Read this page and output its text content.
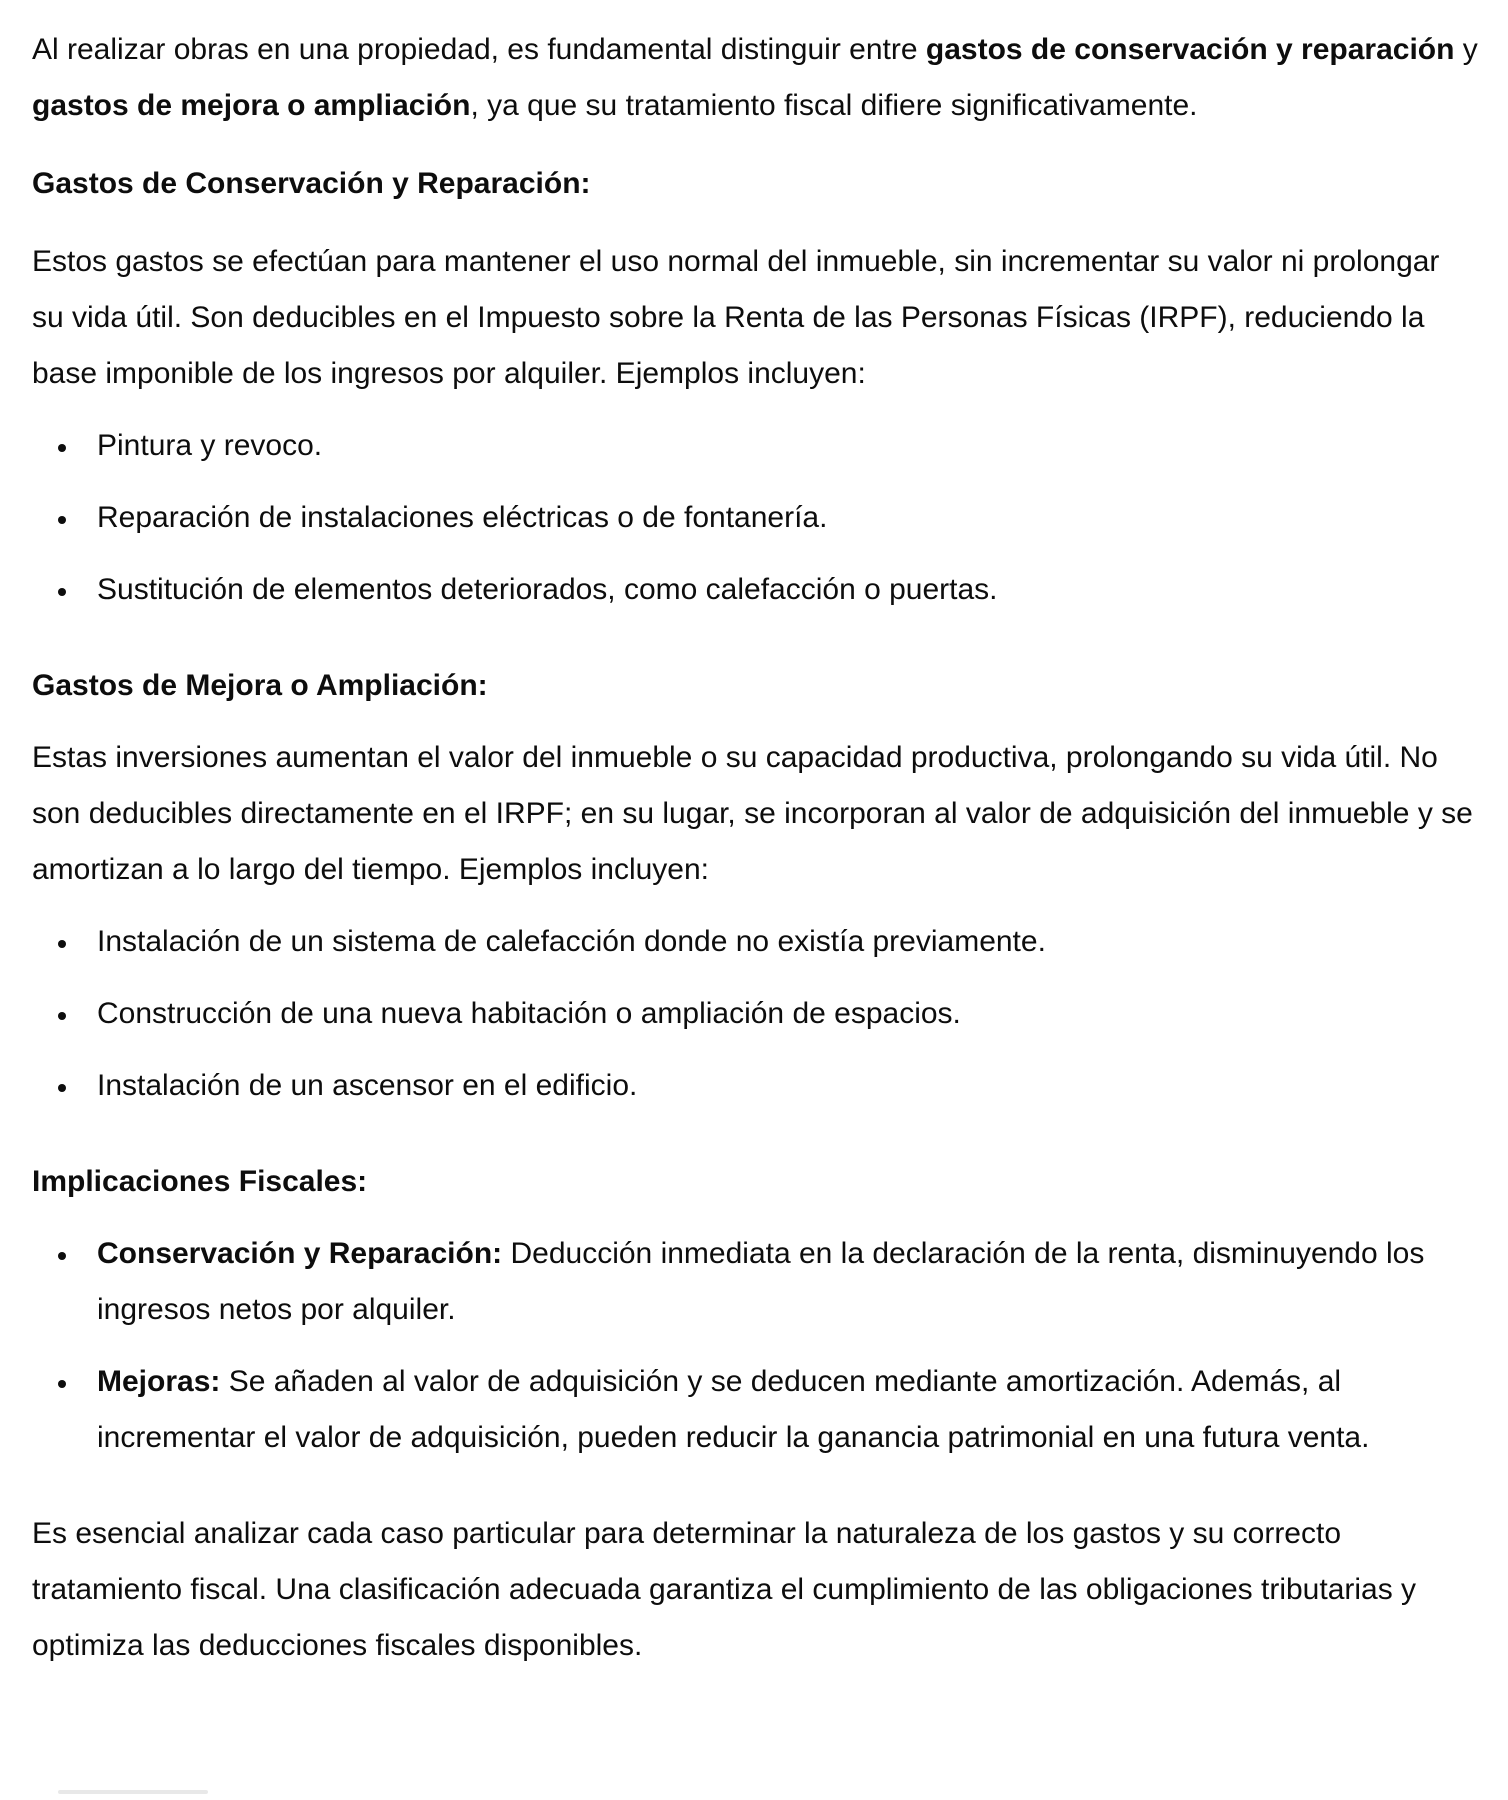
Al realizar obras en una propiedad, es fundamental distinguir entre gastos de conservación y reparación y gastos de mejora o ampliación, ya que su tratamiento fiscal difiere significativamente.

Gastos de Conservación y Reparación:

Estos gastos se efectúan para mantener el uso normal del inmueble, sin incrementar su valor ni prolongar su vida útil. Son deducibles en el Impuesto sobre la Renta de las Personas Físicas (IRPF), reduciendo la base imponible de los ingresos por alquiler. Ejemplos incluyen:

Pintura y revoco.
Reparación de instalaciones eléctricas o de fontanería.
Sustitución de elementos deteriorados, como calefacción o puertas.
Gastos de Mejora o Ampliación:

Estas inversiones aumentan el valor del inmueble o su capacidad productiva, prolongando su vida útil. No son deducibles directamente en el IRPF; en su lugar, se incorporan al valor de adquisición del inmueble y se amortizan a lo largo del tiempo. Ejemplos incluyen:

Instalación de un sistema de calefacción donde no existía previamente.
Construcción de una nueva habitación o ampliación de espacios.
Instalación de un ascensor en el edificio.
Implicaciones Fiscales:
Conservación y Reparación: Deducción inmediata en la declaración de la renta, disminuyendo los ingresos netos por alquiler.
Mejoras: Se añaden al valor de adquisición y se deducen mediante amortización. Además, al incrementar el valor de adquisición, pueden reducir la ganancia patrimonial en una futura venta.

Es esencial analizar cada caso particular para determinar la naturaleza de los gastos y su correcto tratamiento fiscal. Una clasificación adecuada garantiza el cumplimiento de las obligaciones tributarias y optimiza las deducciones fiscales disponibles.
